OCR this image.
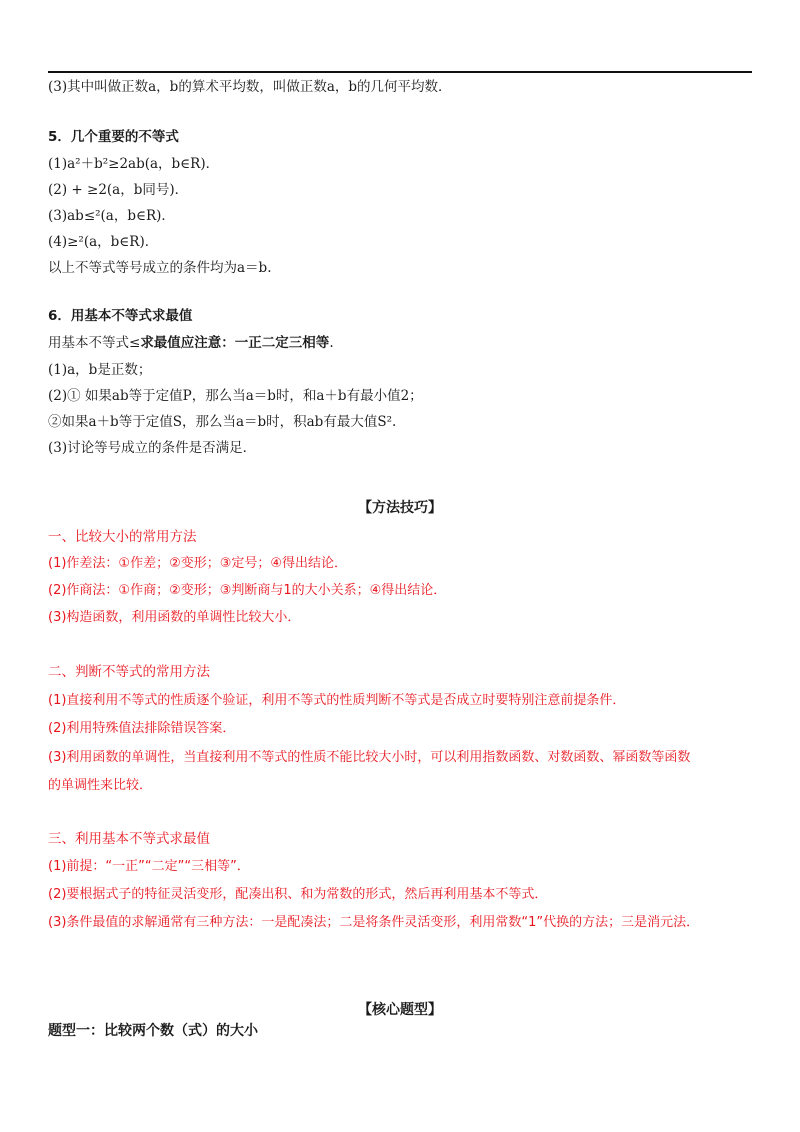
(3)其中叫做正数a，b的算术平均数，叫做正数a，b的几何平均数．
5．几个重要的不等式
(1)a²＋b²≥2ab(a，b∈R)．
(2) + ≥2(a，b同号)．
(3)ab≤²(a，b∈R)．
(4)≥²(a，b∈R)．
以上不等式等号成立的条件均为a＝b.
6．用基本不等式求最值
用基本不等式≤求最值应注意：一正二定三相等.
(1)a，b是正数；
(2)① 如果ab等于定值P，那么当a＝b时，和a＋b有最小值2；
②如果a＋b等于定值S，那么当a＝b时，积ab有最大值S².
(3)讨论等号成立的条件是否满足．
【方法技巧】
一、比较大小的常用方法
(1)作差法：①作差；②变形；③定号；④得出结论．
(2)作商法：①作商；②变形；③判断商与1的大小关系；④得出结论．
(3)构造函数，利用函数的单调性比较大小．
二、判断不等式的常用方法
(1)直接利用不等式的性质逐个验证，利用不等式的性质判断不等式是否成立时要特别注意前提条件．
(2)利用特殊值法排除错误答案．
(3)利用函数的单调性，当直接利用不等式的性质不能比较大小时，可以利用指数函数、对数函数、幂函数等函数
的单调性来比较．
三、利用基本不等式求最值
(1)前提：“一正”“二定”“三相等”．
(2)要根据式子的特征灵活变形，配凑出积、和为常数的形式，然后再利用基本不等式．
(3)条件最值的求解通常有三种方法：一是配凑法；二是将条件灵活变形，利用常数“1”代换的方法；三是消元法．
【核心题型】
题型一：比较两个数（式）的大小
